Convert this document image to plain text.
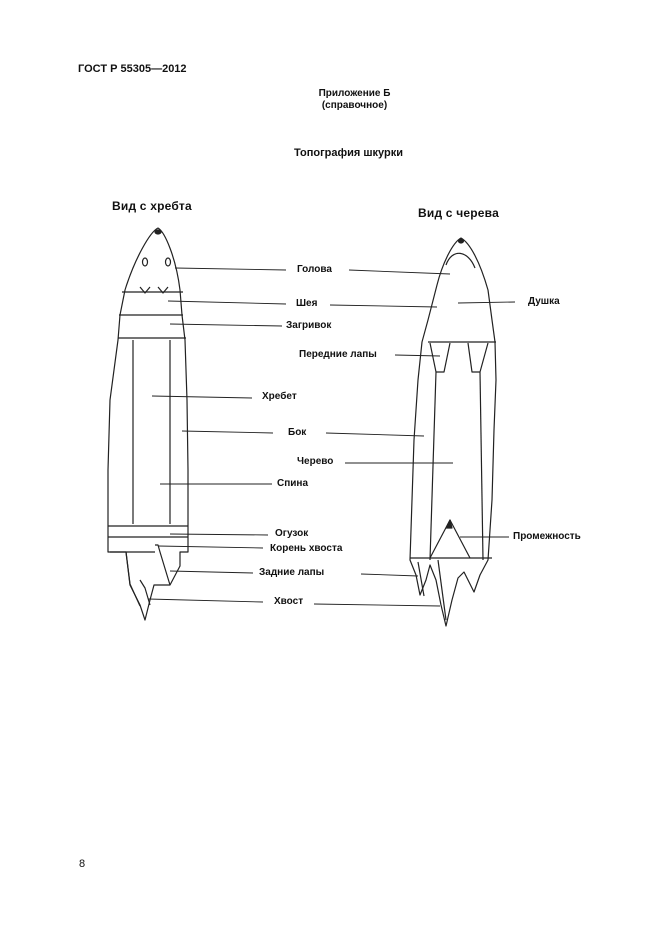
ГОСТ Р 55305—2012
Приложение Б
(справочное)
Топография шкурки
Вид с хребта	Вид с черева
Голова
Шея	Душка
Загривок
Передние лапы
Хребет
Бок
Черево
Спина
Огузок	Промежность
Корень хвоста
Задние лапы
Хвост
8
